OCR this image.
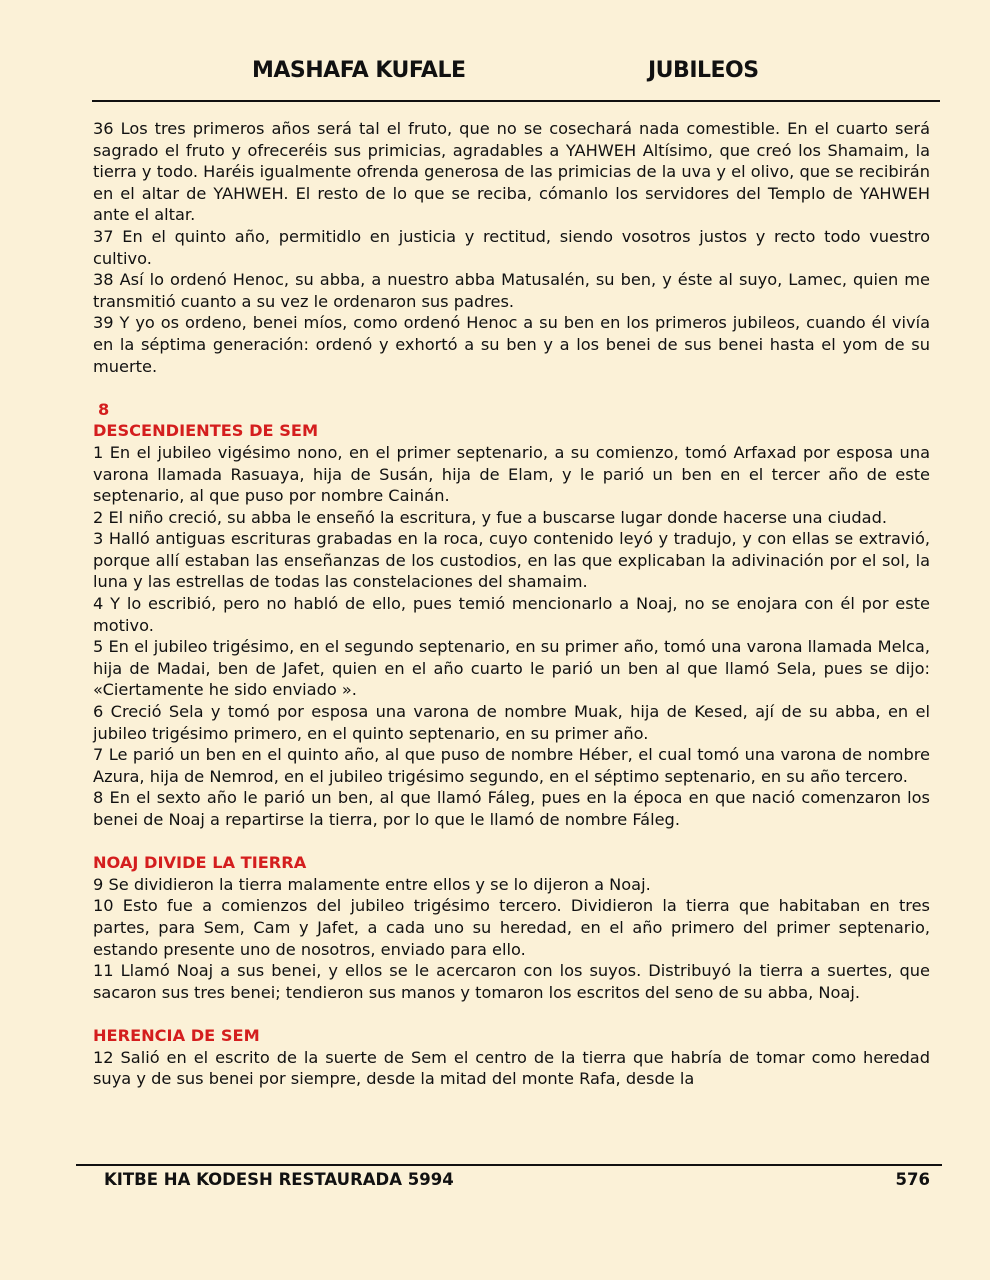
MASHAFA KUFALE	JUBILEOS

36 Los tres primeros años será tal el fruto, que no se cosechará nada comestible. En el cuarto será sagrado el fruto y ofreceréis sus primicias, agradables a YAHWEH Altísimo, que creó los Shamaim, la tierra y todo. Haréis igualmente ofrenda generosa de las primicias de la uva y el olivo, que se recibirán en el altar de YAHWEH. El resto de lo que se reciba, cómanlo los servidores del Templo de YAHWEH ante el altar.

37 En el quinto año, permitidlo en justicia y rectitud, siendo vosotros justos y recto todo vuestro cultivo.

38 Así lo ordenó Henoc, su abba, a nuestro abba Matusalén, su ben, y éste al suyo, Lamec, quien me transmitió cuanto a su vez le ordenaron sus padres.

39 Y yo os ordeno, benei míos, como ordenó Henoc a su ben en los primeros jubileos, cuando él vivía en la séptima generación: ordenó y exhortó a su ben y a los benei de sus benei hasta el yom de su muerte.

8

DESCENDIENTES DE SEM

1 En el jubileo vigésimo nono, en el primer septenario, a su comienzo, tomó Arfaxad por esposa una varona llamada Rasuaya, hija de Susán, hija de Elam, y le parió un ben en el tercer año de este septenario, al que puso por nombre Cainán.

2 El niño creció, su abba le enseñó la escritura, y fue a buscarse lugar donde hacerse una ciudad.

3 Halló antiguas escrituras grabadas en la roca, cuyo contenido leyó y tradujo, y con ellas se extravió, porque allí estaban las enseñanzas de los custodios, en las que explicaban la adivinación por el sol, la luna y las estrellas de todas las constelaciones del shamaim.

4 Y lo escribió, pero no habló de ello, pues temió mencionarlo a Noaj, no se enojara con él por este motivo.

5 En el jubileo trigésimo, en el segundo septenario, en su primer año, tomó una varona llamada Melca, hija de Madai, ben de Jafet, quien en el año cuarto le parió un ben al que llamó Sela, pues se dijo: «Ciertamente he sido enviado ».

6 Creció Sela y tomó por esposa una varona de nombre Muak, hija de Kesed, ají de su abba, en el jubileo trigésimo primero, en el quinto septenario, en su primer año.

7 Le parió un ben en el quinto año, al que puso de nombre Héber, el cual tomó una varona de nombre Azura, hija de Nemrod, en el jubileo trigésimo segundo, en el séptimo septenario, en su año tercero.

8 En el sexto año le parió un ben, al que llamó Fáleg, pues en la época en que nació comenzaron los benei de Noaj a repartirse la tierra, por lo que le llamó de nombre Fáleg.

NOAJ DIVIDE LA TIERRA

9 Se dividieron la tierra malamente entre ellos y se lo dijeron a Noaj.

10 Esto fue a comienzos del jubileo trigésimo tercero. Dividieron la tierra que habitaban en tres partes, para Sem, Cam y Jafet, a cada uno su heredad, en el año primero del primer septenario, estando presente uno de nosotros, enviado para ello.

11 Llamó Noaj a sus benei, y ellos se le acercaron con los suyos. Distribuyó la tierra a suertes, que sacaron sus tres benei; tendieron sus manos y tomaron los escritos del seno de su abba, Noaj.

HERENCIA DE SEM

12 Salió en el escrito de la suerte de Sem el centro de la tierra que habría de tomar como heredad suya y de sus benei por siempre, desde la mitad del monte Rafa, desde la

KITBE HA KODESH RESTAURADA 5994	576
